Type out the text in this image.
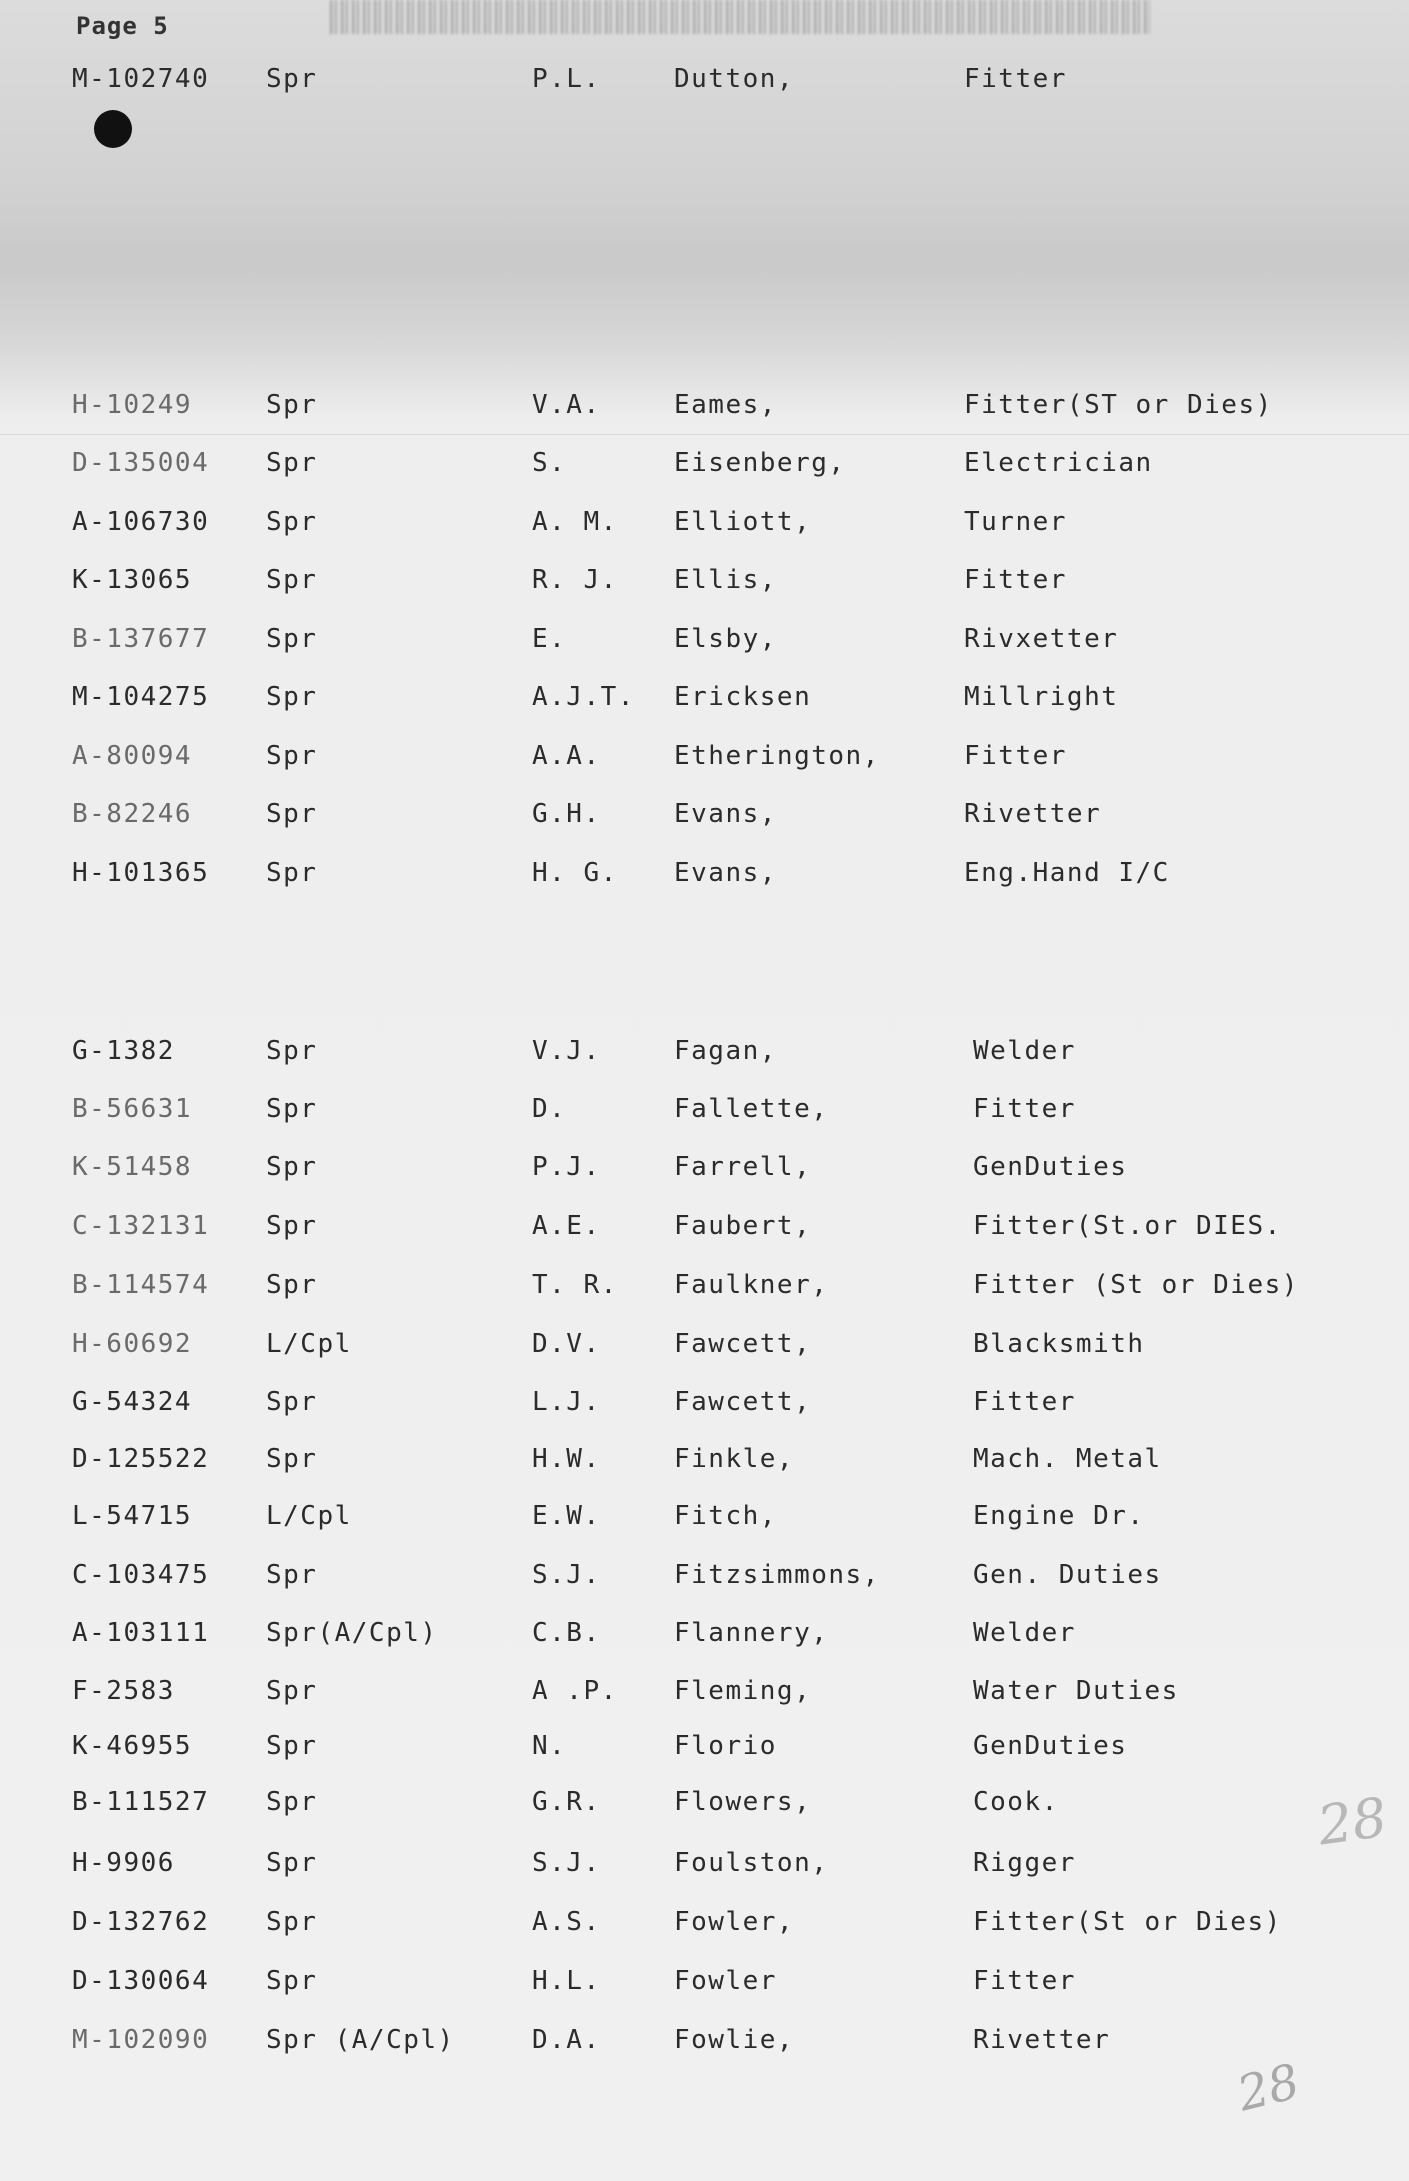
Page 5
M-102740 Spr	P.L.	Dutton,	Fitter
H-10249	Spr	V.A.	Eames,	Fitter(ST or Dies)
D-135004 Spr	S.	Eisenberg,	Electrician
A-106730 Spr	A. M. Elliott,	Turner
K-13065	Spr	R. J. Ellis,	Fitter
B-137677 Spr	E.	Elsby,	Rivxetter
M-104275 Spr	A.J.T. Ericksen	Millright
A-80094	Spr	A.A.	Etherington,	Fitter
B-82246	Spr	G.H.	Evans,	Rivetter
H-101365 Spr	H. G. Evans,	Eng.Hand I/C
G-1382	Spr	V.J.	Fagan,	Welder
B-56631	Spr	D.	Fallette,	Fitter
K-51458	Spr	P.J.	Farrell,	GenDuties
C-132131 Spr	A.E.	Faubert,	Fitter(St.or DIES.
B-114574 Spr	T. R. Faulkner,	Fitter (St or Dies)
H-60692	L/Cpl	D.V.	Fawcett,	Blacksmith
G-54324	Spr	L.J.	Fawcett,	Fitter
D-125522 Spr	H.W.	Finkle,	Mach. Metal
L-54715	L/Cpl	E.W.	Fitch,	Engine Dr.
C-103475 Spr	S.J.	Fitzsimmons,	Gen. Duties
A-103111 Spr(A/Cpl)	C.B.	Flannery,	Welder
F-2583	Spr	A .P. Fleming,	Water Duties
K-46955	Spr	N.	Florio	GenDuties
B-111527 Spr	G.R.	Flowers,	Cook.
H-9906	Spr	S.J.	Foulston,	Rigger
D-132762 Spr	A.S.	Fowler,	Fitter(St or Dies)
D-130064 Spr	H.L.	Fowler	Fitter
M-102090 Spr (A/Cpl)	D.A.	Fowlie,	Rivetter
28
28
